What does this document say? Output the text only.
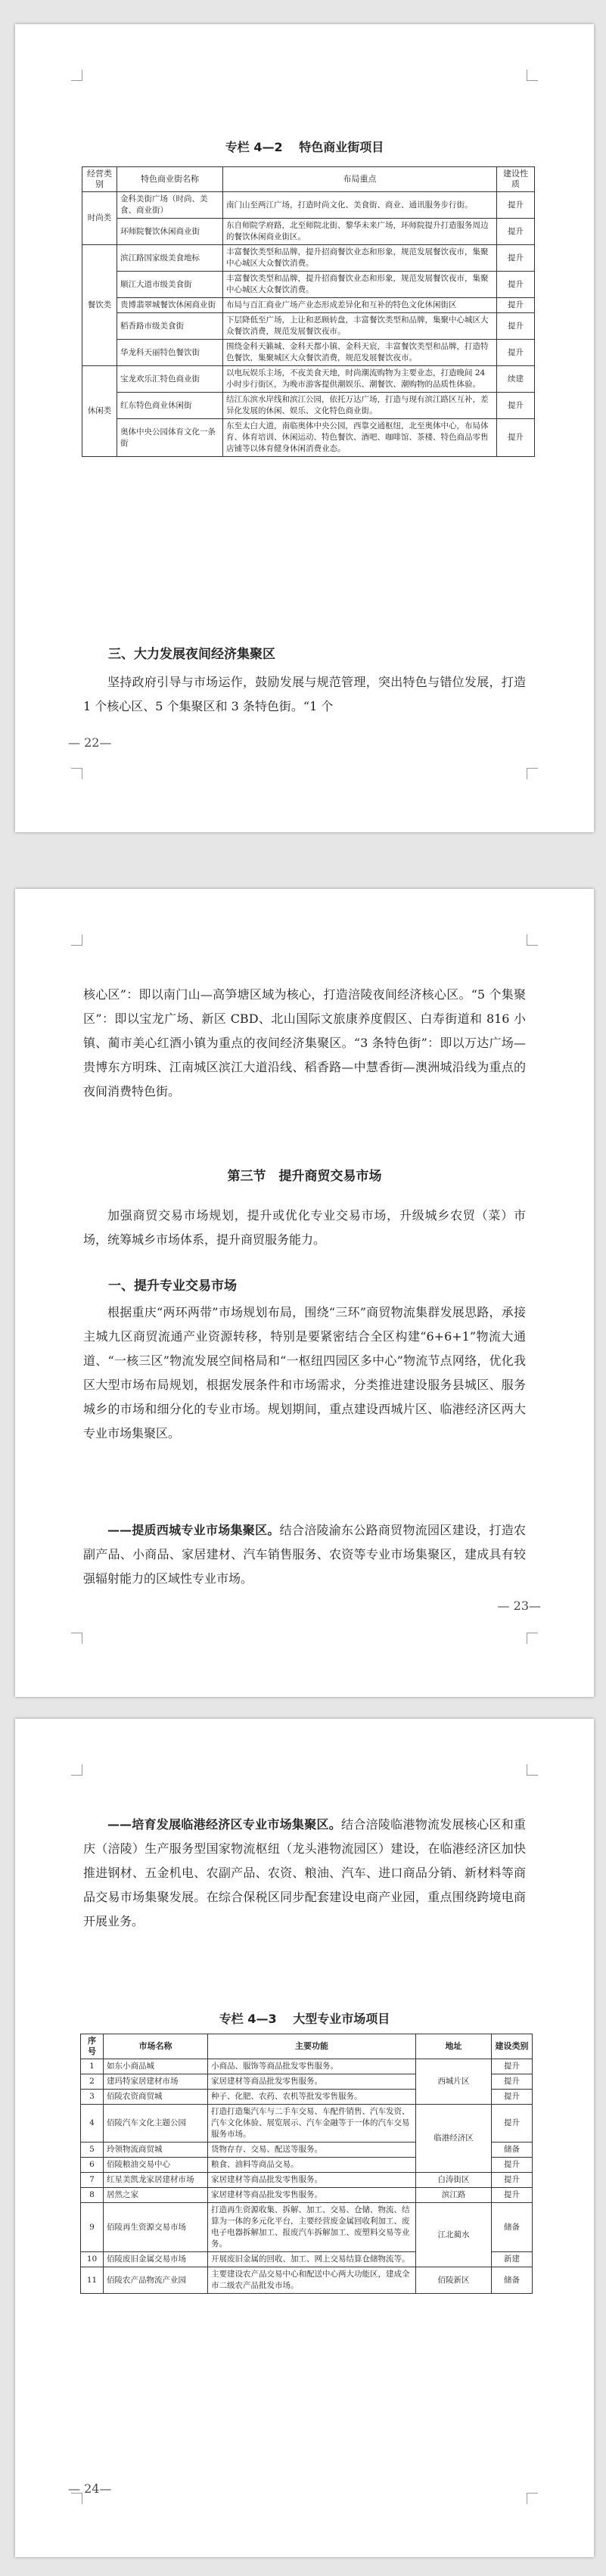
专栏 4—2　 特色商业街项目
经营类别	特色商业街名称	布局重点	建设性质
时尚类	金科美街广场（时尚、美食、商业街）	南门山至两江广场，打造时尚文化、美食街、商业、通讯服务步行街。	提升
	环师院餐饮休闲商业街	东自师院学府路，北至师院北街、黎华未来广场，环师院提升打造服务周边的餐饮休闲商业街区。	提升
餐饮类	滨江路国家级美食地标	丰富餐饮类型和品牌，提升招商餐饮业态和形象，规范发展餐饮夜市，集聚中心城区大众餐饮消费。	提升
	顺江大道市级美食街	丰富餐饮类型和品牌，提升招商餐饮业态和形象，规范发展餐饮夜市，集聚中心城区大众餐饮消费。	提升
	贵博翡翠城餐饮休闲商业街	布局与百汇商业广场产业态形成差异化和互补的特色文化休闲街区	提升
	稻香路市级美食街	下层降低至广场，上让和恶顾转盘，丰富餐饮类型和品牌，集聚中心城区大众餐饮消费，规范发展餐饮夜市。	提升
	华龙科天丽特色餐饮街	围绕金科天籁城、金科天都小镇、金科天宸，丰富餐饮类型和品牌，打造特色餐饮，集聚城区大众餐饮消费，规范发展餐饮夜市。	提升
休闲类	宝龙欢乐汇特色商业街	以电玩娱乐主场，不夜美食天地，时尚潮流购物为主要业态，打造晚间 24 小时步行街区，为晚市游客提供潮娱乐、潮餐饮、潮购物的品质性体验。	续建
	红东特色商业休闲街	结江东滨水岸线和滨江公园，依托万达广场，打造与现有滨江路区互补，差异化发展的休闲、娱乐、文化特色商业街。	提升
	奥体中央公园体育文化一条街	东至太白大道，南临奥体中央公园，西靠交通枢纽，北至奥体中心，布局体育、体育培训、休闲运动、特色餐饮、酒吧、咖啡馆、茶楼、特色商品零售店铺等以体育健身休闲消费业态。	提升

三、大力发展夜间经济集聚区

坚持政府引导与市场运作，鼓励发展与规范管理，突出特色与错位发展，打造 1 个核心区、5 个集聚区和 3 条特色街。“1 个

— 22—

核心区”：即以南门山—高笋塘区域为核心，打造涪陵夜间经济核心区。“5 个集聚区”：即以宝龙广场、新区 CBD、北山国际文旅康养度假区、白寿街道和 816 小镇、蔺市美心红酒小镇为重点的夜间经济集聚区。“3 条特色街”：即以万达广场—贵博东方明珠、江南城区滨江大道沿线、稻香路—中慧香街—澳洲城沿线为重点的夜间消费特色街。

第三节　提升商贸交易市场

加强商贸交易市场规划，提升或优化专业交易市场，升级城乡农贸（菜）市场，统筹城乡市场体系，提升商贸服务能力。

一、提升专业交易市场

根据重庆“两环两带”市场规划布局，围绕“三环”商贸物流集群发展思路，承接主城九区商贸流通产业资源转移，特别是要紧密结合全区构建“6+6+1”物流大通道、“一核三区”物流发展空间格局和“一枢纽四园区多中心”物流节点网络，优化我区大型市场布局规划，根据发展条件和市场需求，分类推进建设服务县城区、服务城乡的市场和细分化的专业市场。规划期间，重点建设西城片区、临港经济区两大专业市场集聚区。

——提质西城专业市场集聚区。结合涪陵渝东公路商贸物流园区建设，打造农副产品、小商品、家居建材、汽车销售服务、农资等专业市场集聚区，建成具有较强辐射能力的区域性专业市场。

— 23—

——培育发展临港经济区专业市场集聚区。结合涪陵临港物流发展核心区和重庆（涪陵）生产服务型国家物流枢纽（龙头港物流园区）建设，在临港经济区加快推进钢材、五金机电、农副产品、农资、粮油、汽车、进口商品分销、新材料等商品交易市场集聚发展。在综合保税区同步配套建设电商产业园，重点围绕跨境电商开展业务。

专栏 4—3　 大型专业市场项目
序号	市场名称	主要功能	地址	建设类别
1	如东小商品城	小商品、服饰等商品批发零售服务。	西城片区	提升
2	建玛特家居建材市场	家居建材等商品批发零售服务。		提升
3	佰陵农资商贸城	种子、化肥、农药、农机等批发零售服务。		提升
4	佰陵汽车文化主题公园	打造打造集汽车与二手车交易、车配件销售、汽车发资、汽车文化体验、展览展示、汽车金融等于一体的汽车交易服务市场。	临港经济区	提升
5	玲领物流商贸城	货物存存、交易、配送等服务。		储备
6	佰陵粮油交易中心	粮食、油料等商品交易。		提升
7	红星美凯龙家居建材市场	家居建材等商品批发零售服务。	白涛街区	提升
8	居然之家	家居建材等商品批发零售服务。	滨江路	提升
9	佰陵再生资源交易市场	打造再生资源收集、拆解、加工、交易、仓储、物流、结算为一体的多元化平台，主要经营废金属回收利加工、废电子电器拆解加工、报废汽车拆解加工、废塑料交易等业务。	江北蔺水	储备
10	佰陵废旧金属交易市场	开展废旧金属的回收、加工、网上交易结算仓储物流等。		新建
11	佰陵农产品物流产业园	主要建设农产品交易中心和配送中心两大功能区，建成全市二级农产品批发市场。	佰陵新区	储备
— 24—
